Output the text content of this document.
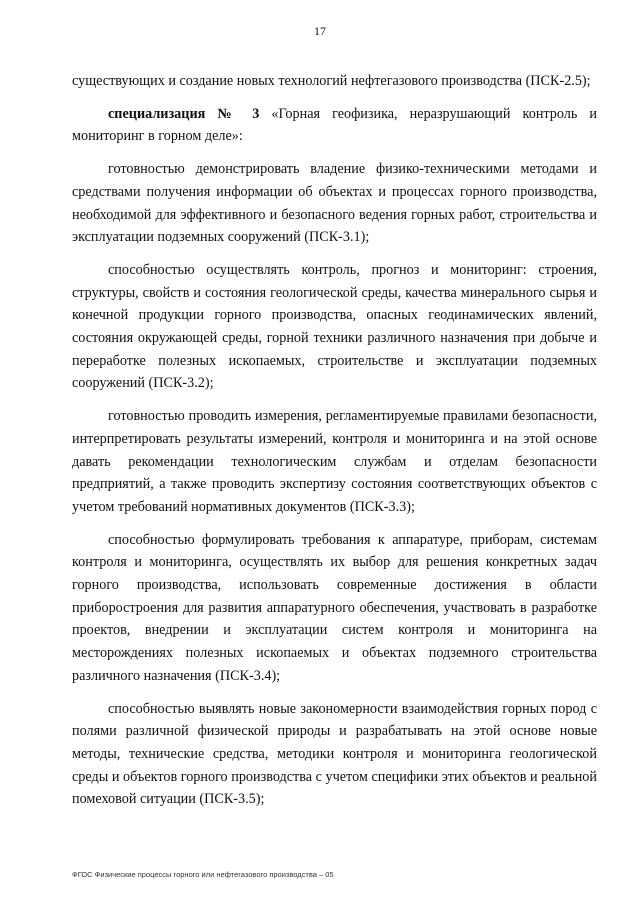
17

существующих и создание новых технологий нефтегазового производства (ПСК-2.5);

специализация № 3 «Горная геофизика, неразрушающий контроль и мониторинг в горном деле»:

готовностью демонстрировать владение физико-техническими методами и средствами получения информации об объектах и процессах горного производства, необходимой для эффективного и безопасного ведения горных работ, строительства и эксплуатации подземных сооружений (ПСК-3.1);

способностью осуществлять контроль, прогноз и мониторинг: строения, структуры, свойств и состояния геологической среды, качества минерального сырья и конечной продукции горного производства, опасных геодинамических явлений, состояния окружающей среды, горной техники различного назначения при добыче и переработке полезных ископаемых, строительстве и эксплуатации подземных сооружений (ПСК-3.2);

готовностью проводить измерения, регламентируемые правилами безопасности, интерпретировать результаты измерений, контроля и мониторинга и на этой основе давать рекомендации технологическим службам и отделам безопасности предприятий, а также проводить экспертизу состояния соответствующих объектов с учетом требований нормативных документов (ПСК-3.3);

способностью формулировать требования к аппаратуре, приборам, системам контроля и мониторинга, осуществлять их выбор для решения конкретных задач горного производства, использовать современные достижения в области приборостроения для развития аппаратурного обеспечения, участвовать в разработке проектов, внедрении и эксплуатации систем контроля и мониторинга на месторождениях полезных ископаемых и объектах подземного строительства различного назначения (ПСК-3.4);

способностью выявлять новые закономерности взаимодействия горных пород с полями различной физической природы и разрабатывать на этой основе новые методы, технические средства, методики контроля и мониторинга геологической среды и объектов горного производства с учетом специфики этих объектов и реальной помеховой ситуации (ПСК-3.5);

ФГОС Физические процессы горного или нефтегазового производства – 05
